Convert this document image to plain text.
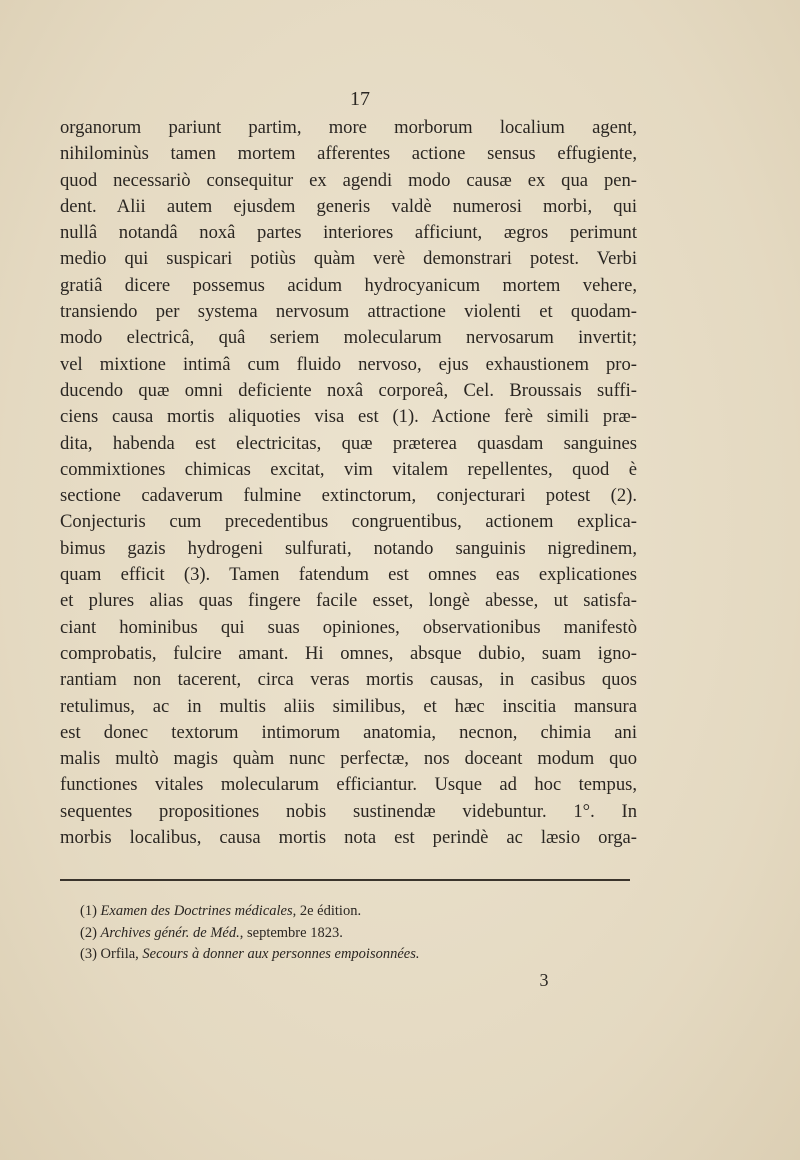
17
organorum pariunt partim, more morborum localium agent,
nihilominùs tamen mortem afferentes actione sensus effugiente,
quod necessariò consequitur ex agendi modo causæ ex qua pen-
dent. Alii autem ejusdem generis valdè numerosi morbi, qui
nullâ notandâ noxâ partes interiores afficiunt, ægros perimunt
medio qui suspicari potiùs quàm verè demonstrari potest. Verbi
gratiâ dicere possemus acidum hydrocyanicum mortem vehere,
transiendo per systema nervosum attractione violenti et quodam-
modo electricâ, quâ seriem molecularum nervosarum invertit;
vel mixtione intimâ cum fluido nervoso, ejus exhaustionem pro-
ducendo quæ omni deficiente noxâ corporeâ, Cel. Broussais suffi-
ciens causa mortis aliquoties visa est (1). Actione ferè simili præ-
dita, habenda est electricitas, quæ præterea quasdam sanguines
commixtiones chimicas excitat, vim vitalem repellentes, quod è
sectione cadaverum fulmine extinctorum, conjecturari potest (2).
Conjecturis cum precedentibus congruentibus, actionem explica-
bimus gazis hydrogeni sulfurati, notando sanguinis nigredinem,
quam efficit (3). Tamen fatendum est omnes eas explicationes
et plures alias quas fingere facile esset, longè abesse, ut satisfa-
ciant hominibus qui suas opiniones, observationibus manifestò
comprobatis, fulcire amant. Hi omnes, absque dubio, suam igno-
rantiam non tacerent, circa veras mortis causas, in casibus quos
retulimus, ac in multis aliis similibus, et hæc inscitia mansura
est donec textorum intimorum anatomia, necnon, chimia ani
malis multò magis quàm nunc perfectæ, nos doceant modum quo
functiones vitales molecularum efficiantur. Usque ad hoc tempus,
sequentes propositiones nobis sustinendæ videbuntur. 1°. In
morbis localibus, causa mortis nota est perindè ac læsio orga-
(1) Examen des Doctrines médicales, 2e édition.
(2) Archives génér. de Méd., septembre 1823.
(3) Orfila, Secours à donner aux personnes empoisonnées.
3
